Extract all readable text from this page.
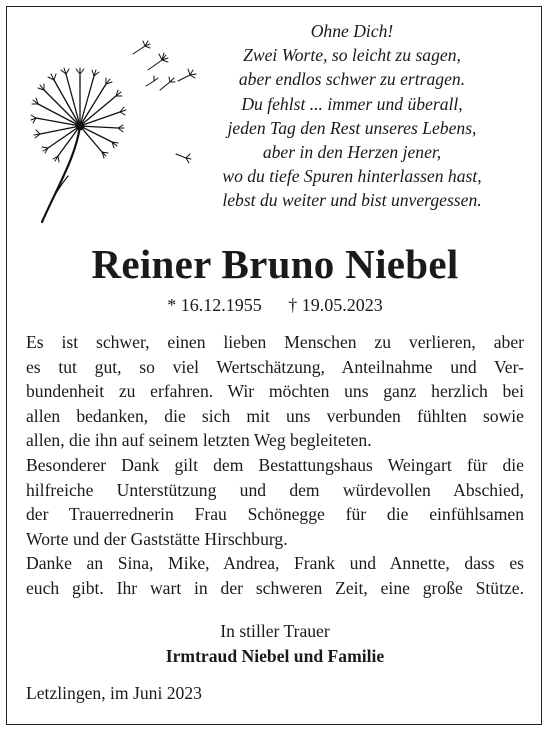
Ohne Dich!
Zwei Worte, so leicht zu sagen,
aber endlos schwer zu ertragen.
Du fehlst ... immer und überall,
jeden Tag den Rest unseres Lebens,
aber in den Herzen jener,
wo du tiefe Spuren hinterlassen hast,
lebst du weiter und bist unvergessen.
Reiner Bruno Niebel
* 16.12.1955 † 19.05.2023
Es ist schwer, einen lieben Menschen zu verlieren, aber
es tut gut, so viel Wertschätzung, Anteilnahme und Ver-
bundenheit zu erfahren. Wir möchten uns ganz herzlich bei
allen bedanken, die sich mit uns verbunden fühlten sowie
allen, die ihn auf seinem letzten Weg begleiteten.
Besonderer Dank gilt dem Bestattungshaus Weingart für die
hilfreiche Unterstützung und dem würdevollen Abschied,
der Trauerrednerin Frau Schönegge für die einfühlsamen
Worte und der Gaststätte Hirschburg.
Danke an Sina, Mike, Andrea, Frank und Annette, dass es
euch gibt. Ihr wart in der schweren Zeit, eine große Stütze.
In stiller Trauer
Irmtraud Niebel und Familie
Letzlingen, im Juni 2023
